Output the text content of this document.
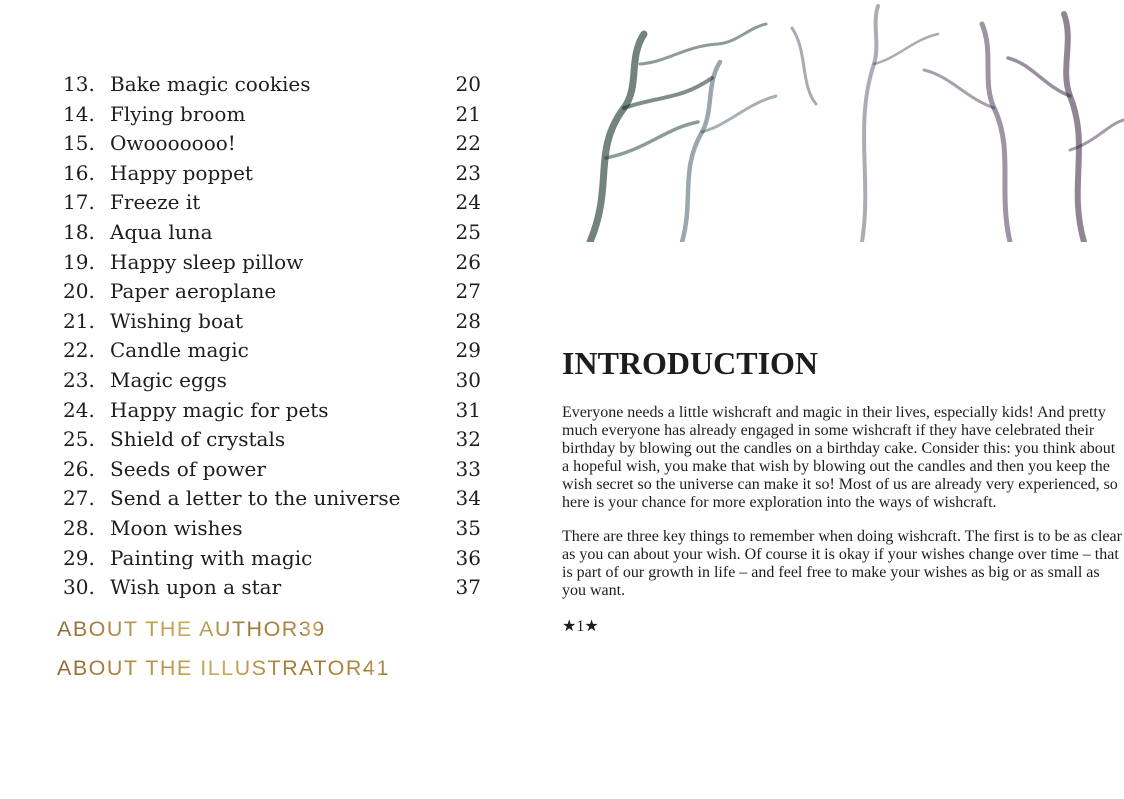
13. Bake magic cookies	20
14. Flying broom	21
15. Owooooooo!	22
16. Happy poppet	23
17. Freeze it	24
18. Aqua luna	25
19. Happy sleep pillow	26
20. Paper aeroplane	27
21. Wishing boat	28
22. Candle magic	29
23. Magic eggs	30
24. Happy magic for pets	31
25. Shield of crystals	32
26. Seeds of power	33
27. Send a letter to the universe	34
28. Moon wishes	35
29. Painting with magic	36
30. Wish upon a star	37
ABOUT THE AUTHOR 39
ABOUT THE ILLUSTRATOR 41
INTRODUCTION

Everyone needs a little wishcraft and magic in their lives, especially kids! And pretty much everyone has already engaged in some wishcraft if they have celebrated their birthday by blowing out the candles on a birthday cake. Consider this: you think about a hopeful wish, you make that wish by blowing out the candles and then you keep the wish secret so the universe can make it so! Most of us are already very experienced, so here is your chance for more exploration into the ways of wishcraft.

There are three key things to remember when doing wishcraft. The first is to be as clear as you can about your wish. Of course it is okay if your wishes change over time – that is part of our growth in life – and feel free to make your wishes as big or as small as you want.

★1★
